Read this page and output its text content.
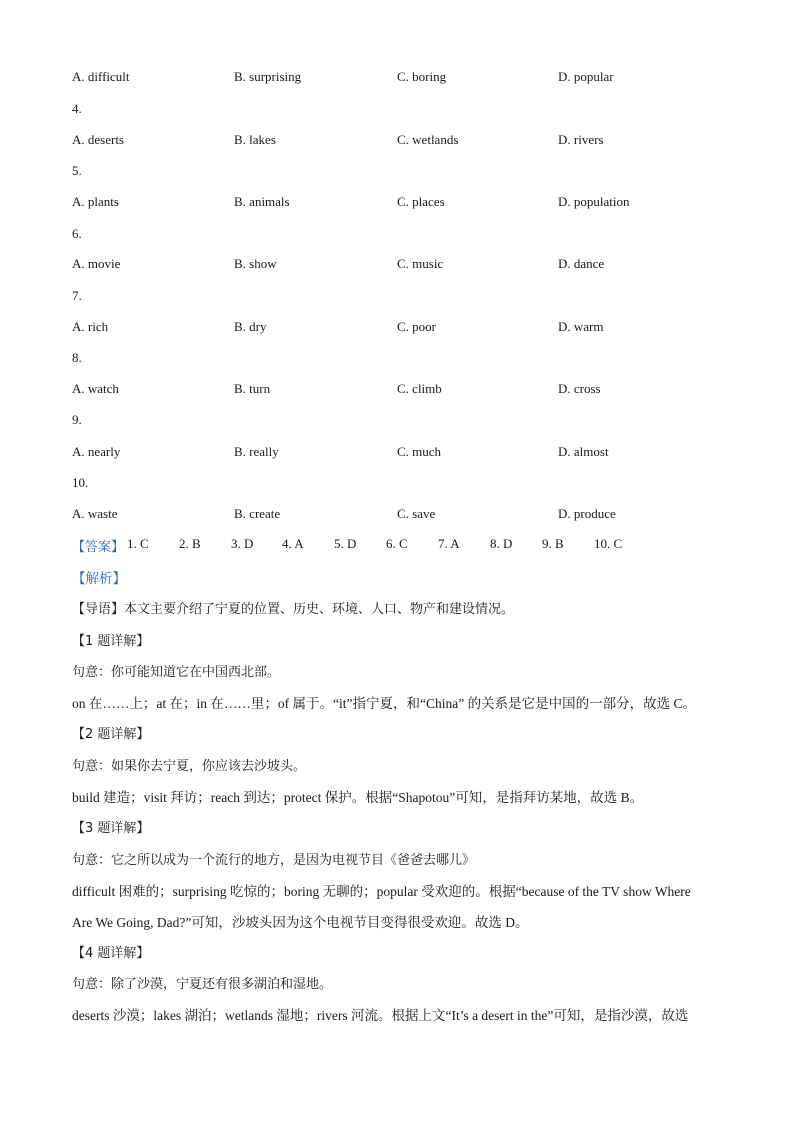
A. difficult	B. surprising	C. boring	D. popular
4.
A. deserts	B. lakes	C. wetlands	D. rivers
5.
A. plants	B. animals	C. places	D. population
6.
A. movie	B. show	C. music	D. dance
7.
A. rich	B. dry	C. poor	D. warm
8.
A. watch	B. turn	C. climb	D. cross
9.
A. nearly	B. really	C. much	D. almost
10.
A. waste	B. create	C. save	D. produce
【答案】 1. C 2. B 3. D 4. A 5. D 6. C 7. A 8. D 9. B 10. C
【解析】
【导语】本文主要介绍了宁夏的位置、历史、环境、人口、物产和建设情况。
【1 题详解】
句意：你可能知道它在中国西北部。
on 在……上；at 在；in 在……里；of 属于。“it”指宁夏，和“China” 的关系是它是中国的一部分，故选 C。
【2 题详解】
句意：如果你去宁夏，你应该去沙坡头。
build 建造；visit 拜访；reach 到达；protect 保护。根据“Shapotou”可知，是指拜访某地，故选 B。
【3 题详解】
句意：它之所以成为一个流行的地方，是因为电视节目《爸爸去哪儿》
difficult 困难的；surprising 吃惊的；boring 无聊的；popular 受欢迎的。根据“because of the TV show Where
Are We Going, Dad?”可知，沙坡头因为这个电视节目变得很受欢迎。故选 D。
【4 题详解】
句意：除了沙漠，宁夏还有很多湖泊和湿地。
deserts 沙漠；lakes 湖泊；wetlands 湿地；rivers 河流。根据上文“It’s a desert in the”可知，是指沙漠，故选
